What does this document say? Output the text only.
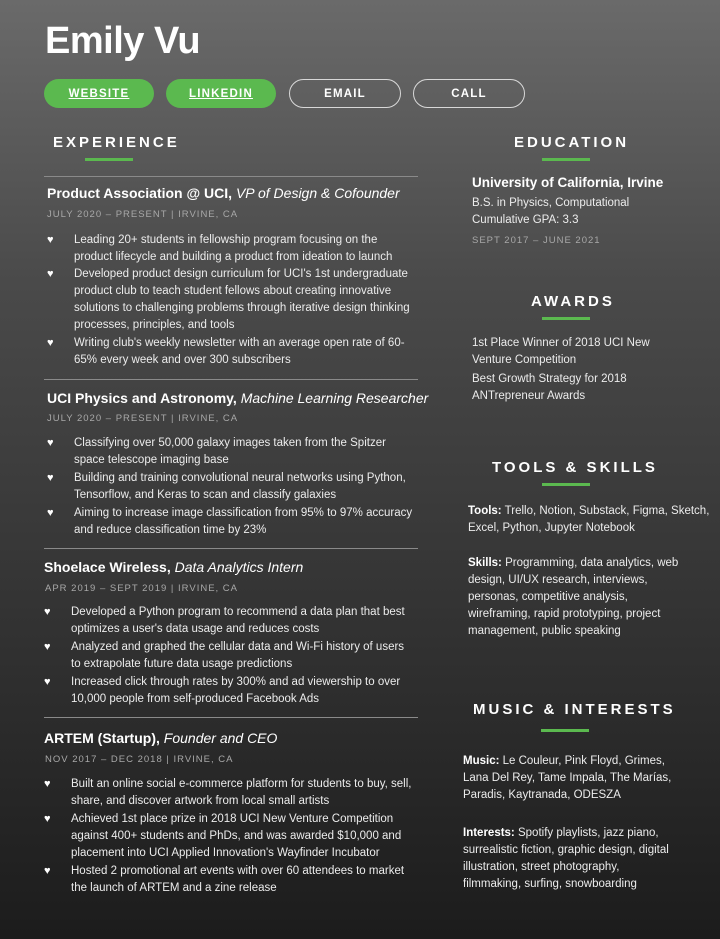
Emily Vu
WEBSITE	LINKEDIN	EMAIL	CALL
EXPERIENCE
Product Association @ UCI, VP of Design & Cofounder
JULY 2020 – PRESENT | IRVINE, CA
♥ Leading 20+ students in fellowship program focusing on the product lifecycle and building a product from ideation to launch
♥ Developed product design curriculum for UCI's 1st undergraduate product club to teach student fellows about creating innovative solutions to challenging problems through iterative design thinking processes, principles, and tools
♥ Writing club's weekly newsletter with an average open rate of 60-65% every week and over 300 subscribers
UCI Physics and Astronomy, Machine Learning Researcher
JULY 2020 – PRESENT | IRVINE, CA
♥ Classifying over 50,000 galaxy images taken from the Spitzer space telescope imaging base
♥ Building and training convolutional neural networks using Python, Tensorflow, and Keras to scan and classify galaxies
♥ Aiming to increase image classification from 95% to 97% accuracy and reduce classification time by 23%
Shoelace Wireless, Data Analytics Intern
APR 2019 – SEPT 2019 | IRVINE, CA
♥ Developed a Python program to recommend a data plan that best optimizes a user's data usage and reduces costs
♥ Analyzed and graphed the cellular data and Wi-Fi history of users to extrapolate future data usage predictions
♥ Increased click through rates by 300% and ad viewership to over 10,000 people from self-produced Facebook Ads
ARTEM (Startup), Founder and CEO
NOV 2017 – DEC 2018 | IRVINE, CA
♥ Built an online social e-commerce platform for students to buy, sell, share, and discover artwork from local small artists
♥ Achieved 1st place prize in 2018 UCI New Venture Competition against 400+ students and PhDs, and was awarded $10,000 and placement into UCI Applied Innovation's Wayfinder Incubator
♥ Hosted 2 promotional art events with over 60 attendees to market the launch of ARTEM and a zine release
EDUCATION
University of California, Irvine
B.S. in Physics, Computational
Cumulative GPA: 3.3
SEPT 2017 – JUNE 2021
AWARDS
1st Place Winner of 2018 UCI New Venture Competition
Best Growth Strategy for 2018 ANTrepreneur Awards
TOOLS & SKILLS
Tools: Trello, Notion, Substack, Figma, Sketch, Excel, Python, Jupyter Notebook
Skills: Programming, data analytics, web design, UI/UX research, interviews, personas, competitive analysis, wireframing, rapid prototyping, project management, public speaking
MUSIC & INTERESTS
Music: Le Couleur, Pink Floyd, Grimes, Lana Del Rey, Tame Impala, The Marías, Paradis, Kaytranada, ODESZA
Interests: Spotify playlists, jazz piano, surrealistic fiction, graphic design, digital illustration, street photography, filmmaking, surfing, snowboarding
